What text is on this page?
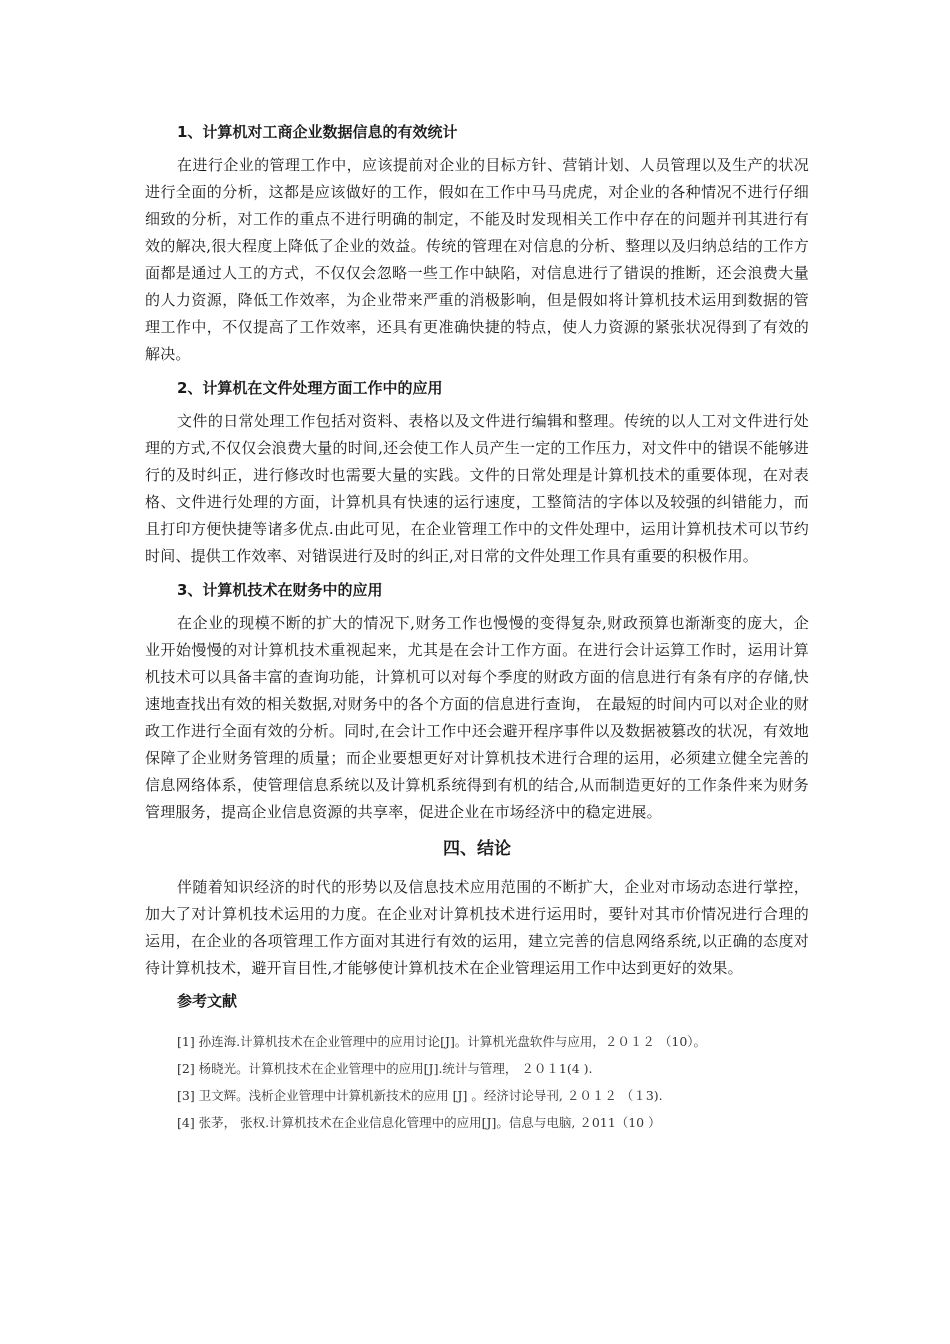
1、计算机对工商企业数据信息的有效统计

在进行企业的管理工作中，应该提前对企业的目标方针、营销计划、人员管理以及生产的状况进行全面的分析，这都是应该做好的工作，假如在工作中马马虎虎，对企业的各种情况不进行仔细细致的分析，对工作的重点不进行明确的制定，不能及时发现相关工作中存在的问题并刊其进行有效的解决,很大程度上降低了企业的效益。传统的管理在对信息的分析、整理以及归纳总结的工作方面都是通过人工的方式，不仅仅会忽略一些工作中缺陷，对信息进行了错误的推断，还会浪费大量的人力资源，降低工作效率，为企业带来严重的消极影响，但是假如将计算机技术运用到数据的管理工作中，不仅提高了工作效率，还具有更准确快捷的特点，使人力资源的紧张状况得到了有效的解决。

2、计算机在文件处理方面工作中的应用

文件的日常处理工作包括对资料、表格以及文件进行编辑和整理。传统的以人工对文件进行处理的方式,不仅仅会浪费大量的时间,还会使工作人员产生一定的工作压力，对文件中的错误不能够进行的及时纠正，进行修改时也需要大量的实践。文件的日常处理是计算机技术的重要体现，在对表格、文件进行处理的方面，计算机具有快速的运行速度，工整简洁的字体以及较强的纠错能力，而且打印方便快捷等诸多优点.由此可见，在企业管理工作中的文件处理中，运用计算机技术可以节约时间、提供工作效率、对错误进行及时的纠正,对日常的文件处理工作具有重要的积极作用。

3、计算机技术在财务中的应用

在企业的现模不断的扩大的情况下,财务工作也慢慢的变得复杂,财政预算也渐渐变的庞大，企业开始慢慢的对计算机技术重视起来，尤其是在会计工作方面。在进行会计运算工作时，运用计算机技术可以具备丰富的查询功能，计算机可以对每个季度的财政方面的信息进行有条有序的存储,快速地查找出有效的相关数据,对财务中的各个方面的信息进行查询， 在最短的时间内可以对企业的财政工作进行全面有效的分析。同时,在会计工作中还会避开程序事件以及数据被篡改的状况，有效地保障了企业财务管理的质量；而企业要想更好对计算机技术进行合理的运用，必须建立健全完善的信息网络体系，使管理信息系统以及计算机系统得到有机的结合,从而制造更好的工作条件来为财务管理服务，提高企业信息资源的共享率，促进企业在市场经济中的稳定进展。

四、结论

伴随着知识经济的时代的形势以及信息技术应用范围的不断扩大，企业对市场动态进行掌控，加大了对计算机技术运用的力度。在企业对计算机技术进行运用时，要针对其市价情况进行合理的运用，在企业的各项管理工作方面对其进行有效的运用，建立完善的信息网络系统,以正确的态度对待计算机技术，避开盲目性,才能够使计算机技术在企业管理运用工作中达到更好的效果。

参考文献
[1] 孙连海.计算机技术在企业管理中的应用讨论[J]。计算机光盘软件与应用，２０１２ （10）。
[2] 杨晓光。计算机技术在企业管理中的应用[J].统计与管理， ２０１1(4 ).
[3] 卫文辉。浅析企业管理中计算机新技术的应用 [J] 。经济讨论导刊, ２０１２ （１3).
[4] 张茅， 张权.计算机技术在企业信息化管理中的应用[J]。信息与电脑, ２011（10 ）
